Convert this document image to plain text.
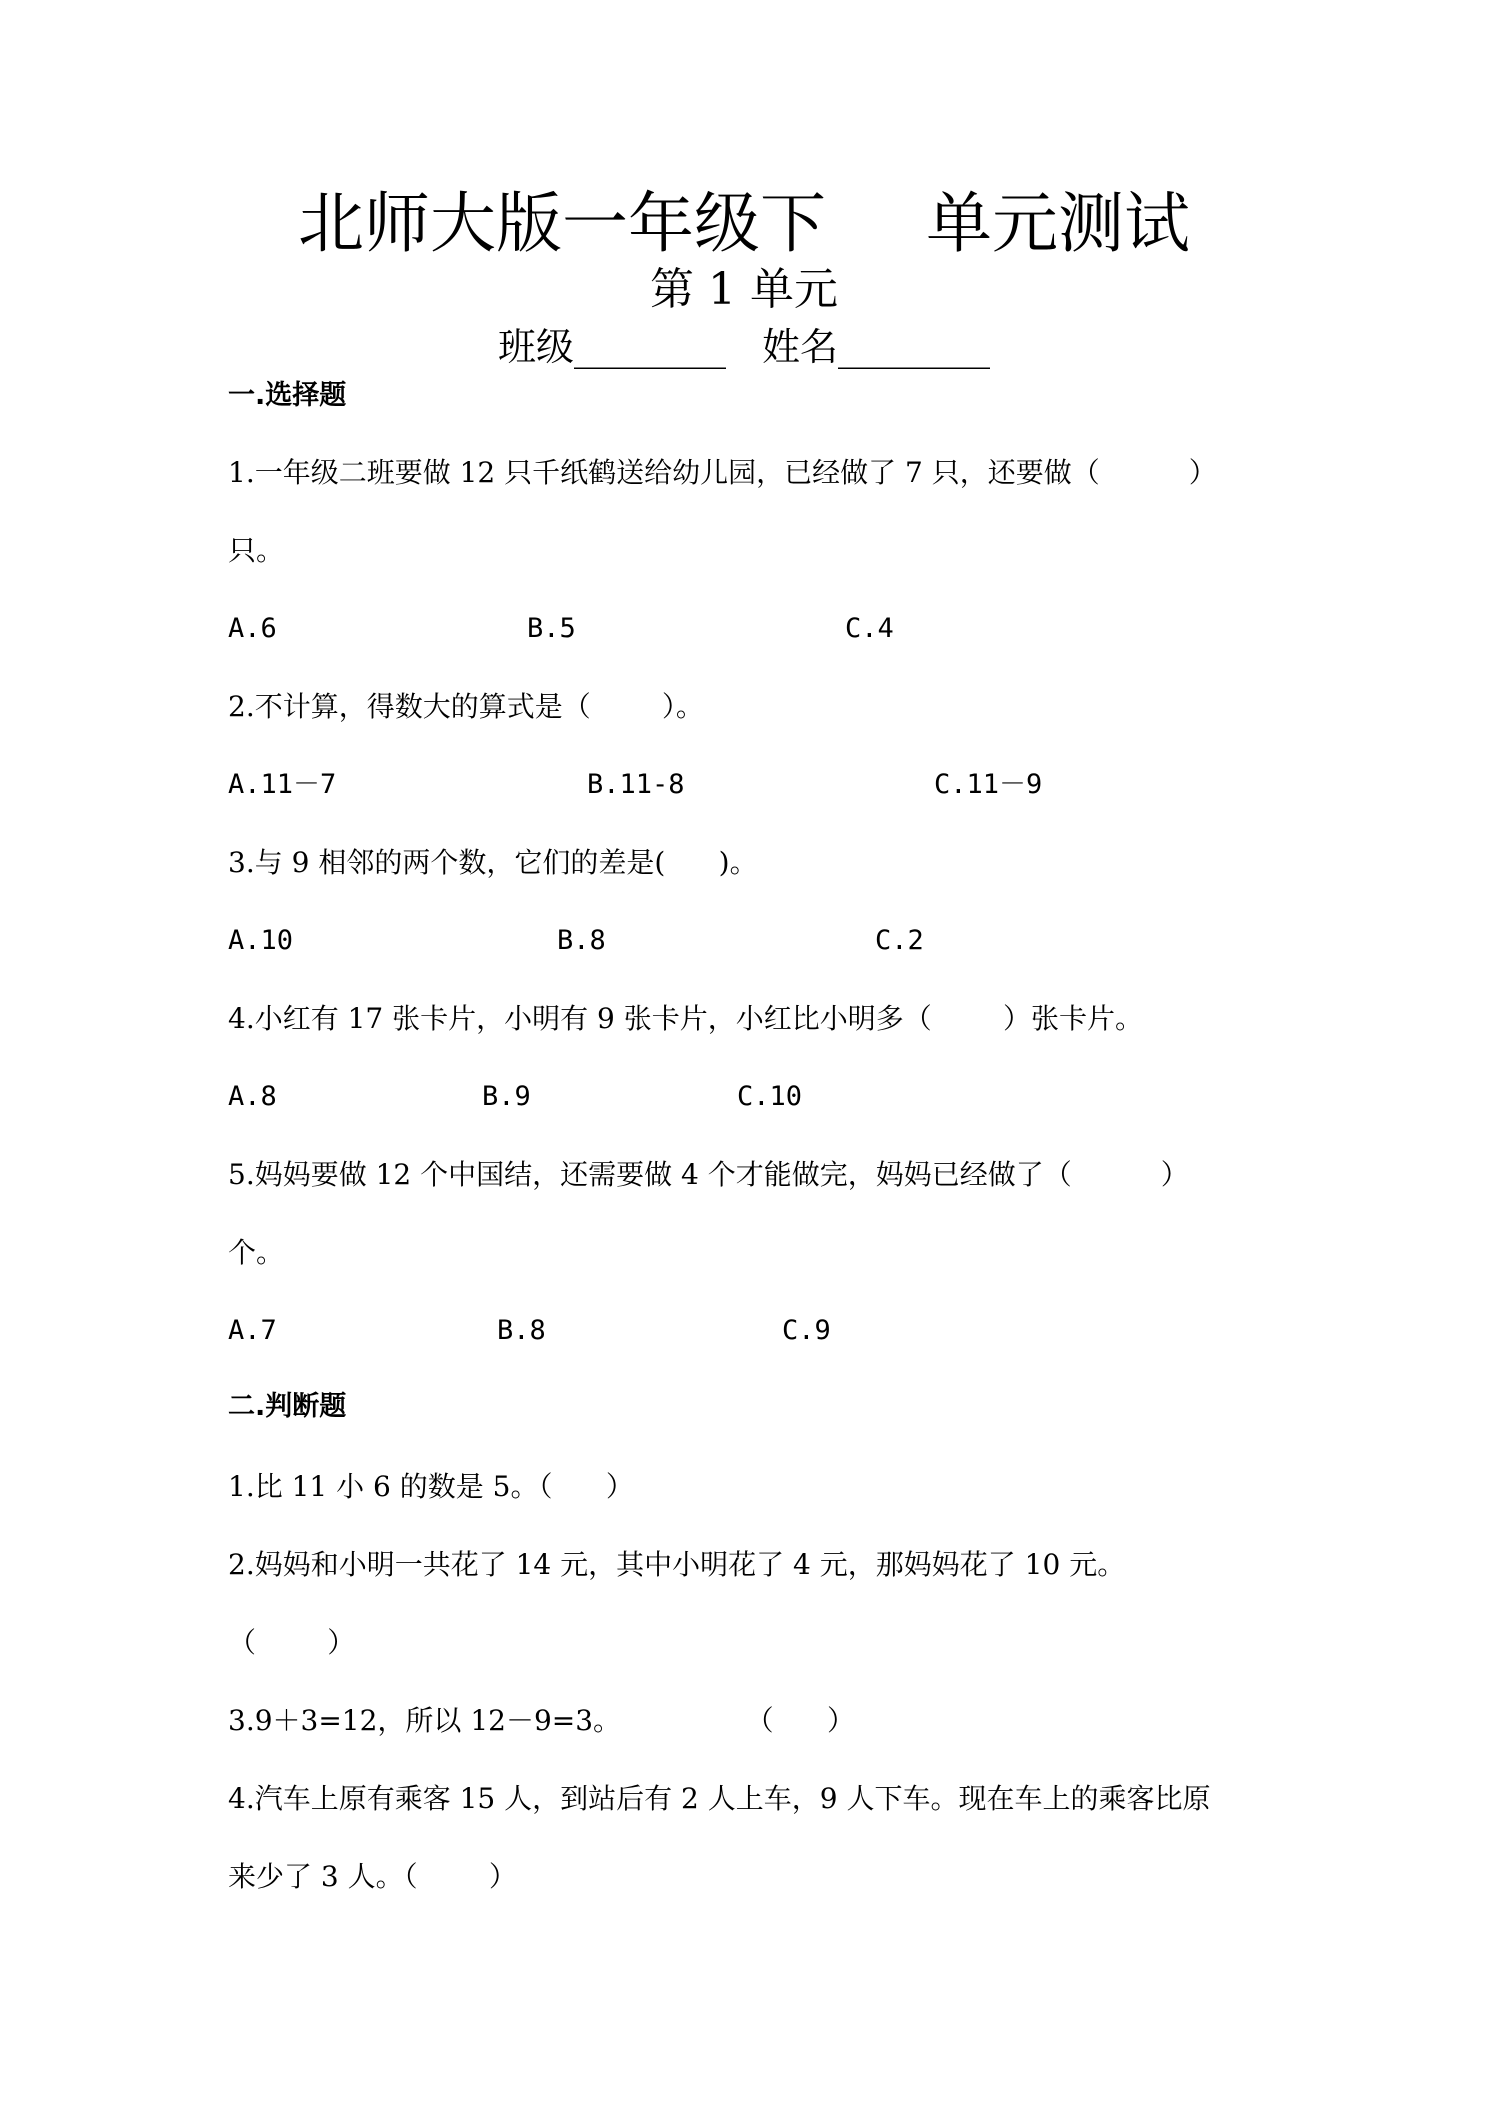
北师大版一年级下 单元测试
第 1 单元
班级________ 姓名________
一.选择题
1.一年级二班要做 12 只千纸鹤送给幼儿园，已经做了 7 只，还要做（          ）
只。
A.6	B.5	C.4
2.不计算，得数大的算式是（        ）。
A.11－7	B.11-8	C.11－9
3.与 9 相邻的两个数，它们的差是(      )。
A.10	B.8	C.2
4.小红有 17 张卡片，小明有 9 张卡片，小红比小明多（        ）张卡片。
A.8	B.9	C.10
5.妈妈要做 12 个中国结，还需要做 4 个才能做完，妈妈已经做了（          ）
个。
A.7	B.8	C.9
二.判断题
1.比 11 小 6 的数是 5。（      ）
2.妈妈和小明一共花了 14 元，其中小明花了 4 元，那妈妈花了 10 元。
（        ）
3.9＋3=12，所以 12－9=3。              （      ）
4.汽车上原有乘客 15 人，到站后有 2 人上车，9 人下车。现在车上的乘客比原
来少了 3 人。（        ）
